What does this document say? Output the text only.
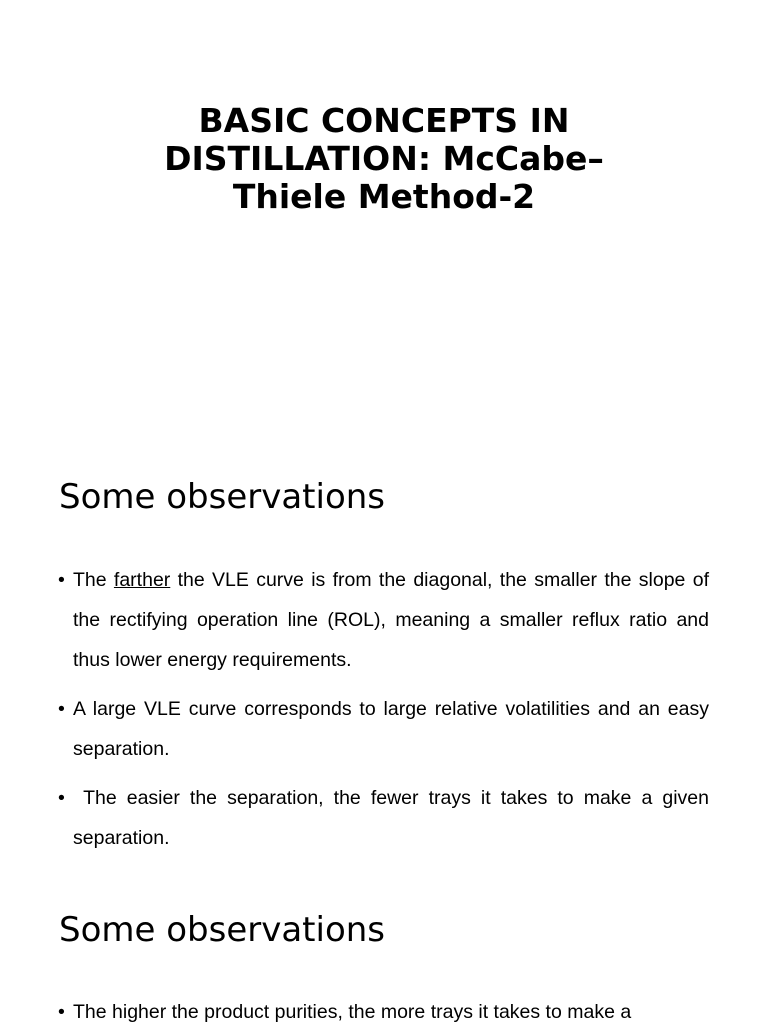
BASIC CONCEPTS IN
DISTILLATION: McCabe–
Thiele Method-2
Some observations
• The farther the VLE curve is from the diagonal, the smaller the slope of the rectifying operation line (ROL), meaning a smaller reflux ratio and thus lower energy requirements.
• A large VLE curve corresponds to large relative volatilities and an easy separation.
•  The easier the separation, the fewer trays it takes to make a given separation.
Some observations
• The higher the product purities, the more trays it takes to make a
